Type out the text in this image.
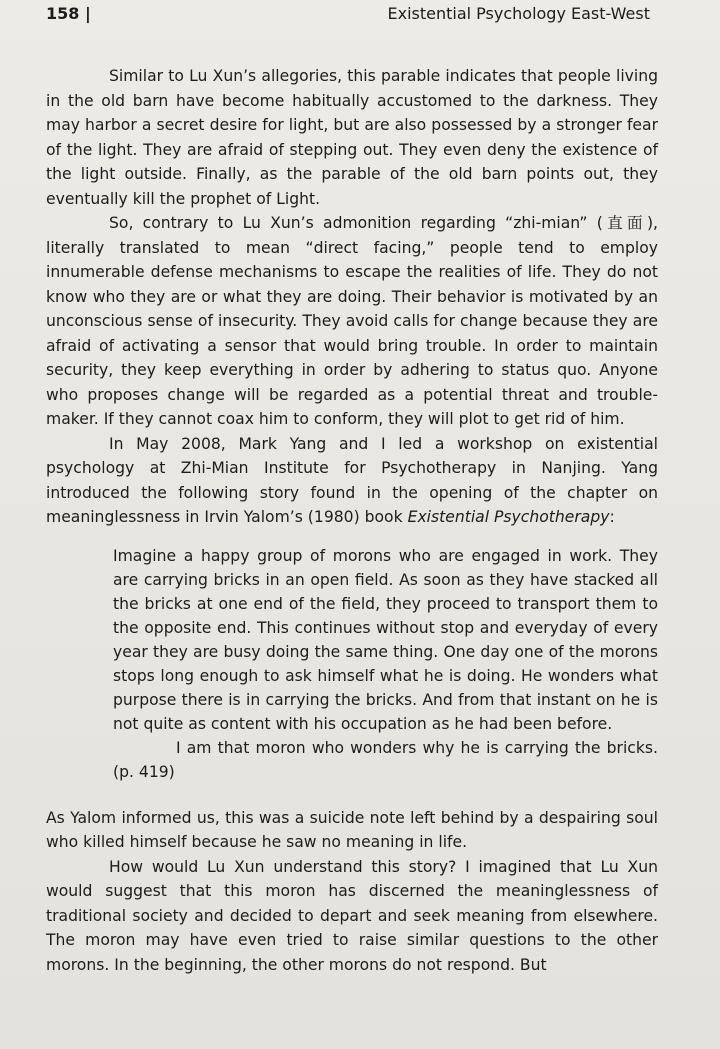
158 |	Existential Psychology East-West

Similar to Lu Xun’s allegories, this parable indicates that people living in the old barn have become habitually accustomed to the darkness. They may harbor a secret desire for light, but are also possessed by a stronger fear of the light. They are afraid of stepping out. They even deny the existence of the light outside. Finally, as the parable of the old barn points out, they eventually kill the prophet of Light.

So, contrary to Lu Xun’s admonition regarding “zhi-mian” (直面), literally translated to mean “direct facing,” people tend to employ innumerable defense mechanisms to escape the realities of life. They do not know who they are or what they are doing. Their behavior is motivated by an unconscious sense of insecurity. They avoid calls for change because they are afraid of activating a sensor that would bring trouble. In order to maintain security, they keep everything in order by adhering to status quo. Anyone who proposes change will be regarded as a potential threat and trouble-maker. If they cannot coax him to conform, they will plot to get rid of him.

In May 2008, Mark Yang and I led a workshop on existential psychology at Zhi-Mian Institute for Psychotherapy in Nanjing. Yang introduced the following story found in the opening of the chapter on meaninglessness in Irvin Yalom’s (1980) book Existential Psychotherapy:

Imagine a happy group of morons who are engaged in work. They are carrying bricks in an open field. As soon as they have stacked all the bricks at one end of the field, they proceed to transport them to the opposite end. This continues without stop and everyday of every year they are busy doing the same thing. One day one of the morons stops long enough to ask himself what he is doing. He wonders what purpose there is in carrying the bricks. And from that instant on he is not quite as content with his occupation as he had been before.

I am that moron who wonders why he is carrying the bricks. (p. 419)

As Yalom informed us, this was a suicide note left behind by a despairing soul who killed himself because he saw no meaning in life.

How would Lu Xun understand this story? I imagined that Lu Xun would suggest that this moron has discerned the meaninglessness of traditional society and decided to depart and seek meaning from elsewhere. The moron may have even tried to raise similar questions to the other morons. In the beginning, the other morons do not respond. But
